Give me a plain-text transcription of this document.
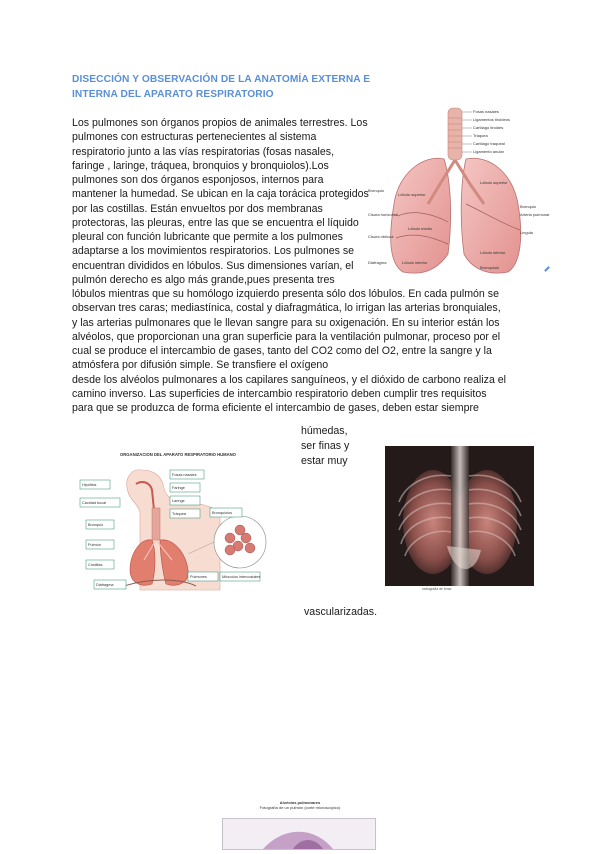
DISECCIÓN Y OBSERVACIÓN DE LA ANATOMÍA EXTERNA E
INTERNA DEL APARATO RESPIRATORIO
Los pulmones son órganos propios de animales terrestres. Los
pulmones con estructuras pertenecientes al sistema
respiratorio junto a las vías respiratorias (fosas nasales,
faringe , laringe, tráquea, bronquios y bronquiolos).Los
pulmones son dos órganos esponjosos, internos para
mantener la humedad. Se ubican en la caja torácica protegidos
por las costillas. Están envueltos por dos membranas
protectoras, las pleuras, entre las que se encuentra el líquido
pleural con función lubricante que permite a los pulmones
adaptarse a los movimientos respiratorios. Los pulmones se
encuentran divididos en lóbulos. Sus dimensiones varían, el
pulmón derecho es algo más grande,pues presenta tres
lóbulos mientras que su homólogo izquierdo presenta sólo dos lóbulos. En cada pulmón se
observan tres caras; mediastínica, costal y diafragmática, lo irrigan las arterias bronquiales,
y las arterias pulmonares que le llevan sangre para su oxigenación. En su interior están los
alvéolos, que proporcionan una gran superficie para la ventilación pulmonar, proceso por el
cual se produce el intercambio de gases, tanto del CO2 como del O2, entre la sangre y la
atmósfera por difusión simple. Se transfiere el oxígeno
desde los alvéolos pulmonares a los capilares sanguíneos, y el dióxido de carbono realiza el
camino inverso. Las superficies de intercambio respiratorio deben cumplir tres requisitos
para que se produzca de forma eficiente el intercambio de gases, deben estar siempre
húmedas,
ser finas y
estar muy
vascularizadas.
Fosas nasales
Ligamentos tiroideos
Cartílago tiroides
Tráquea
Cartílago traqueal
Ligamento anular
Lóbulo superior
Lóbulo superior
Lóbulo medio
Lóbulo inferior
Lóbulo inferior
Bronquio
Cisura horizontal
Cisura oblicua
Diafragma
Bronquio
Arteria pulmonar
Lingula
Bronquiolo
ORGANIZACION DEL APARATO RESPIRATORIO HUMANO
Fosas nasales
Faringe
Laringe
Tráquea
Hipófisis
Cavidad bucal
Bronquio
Pulmón
Costillas
Diafragma
Bronquiolos
Pulmones	Músculos intercostales
radiografía de tórax
Alvéolos pulmonares
Fotografía de un pulmón (corte microscópico)
